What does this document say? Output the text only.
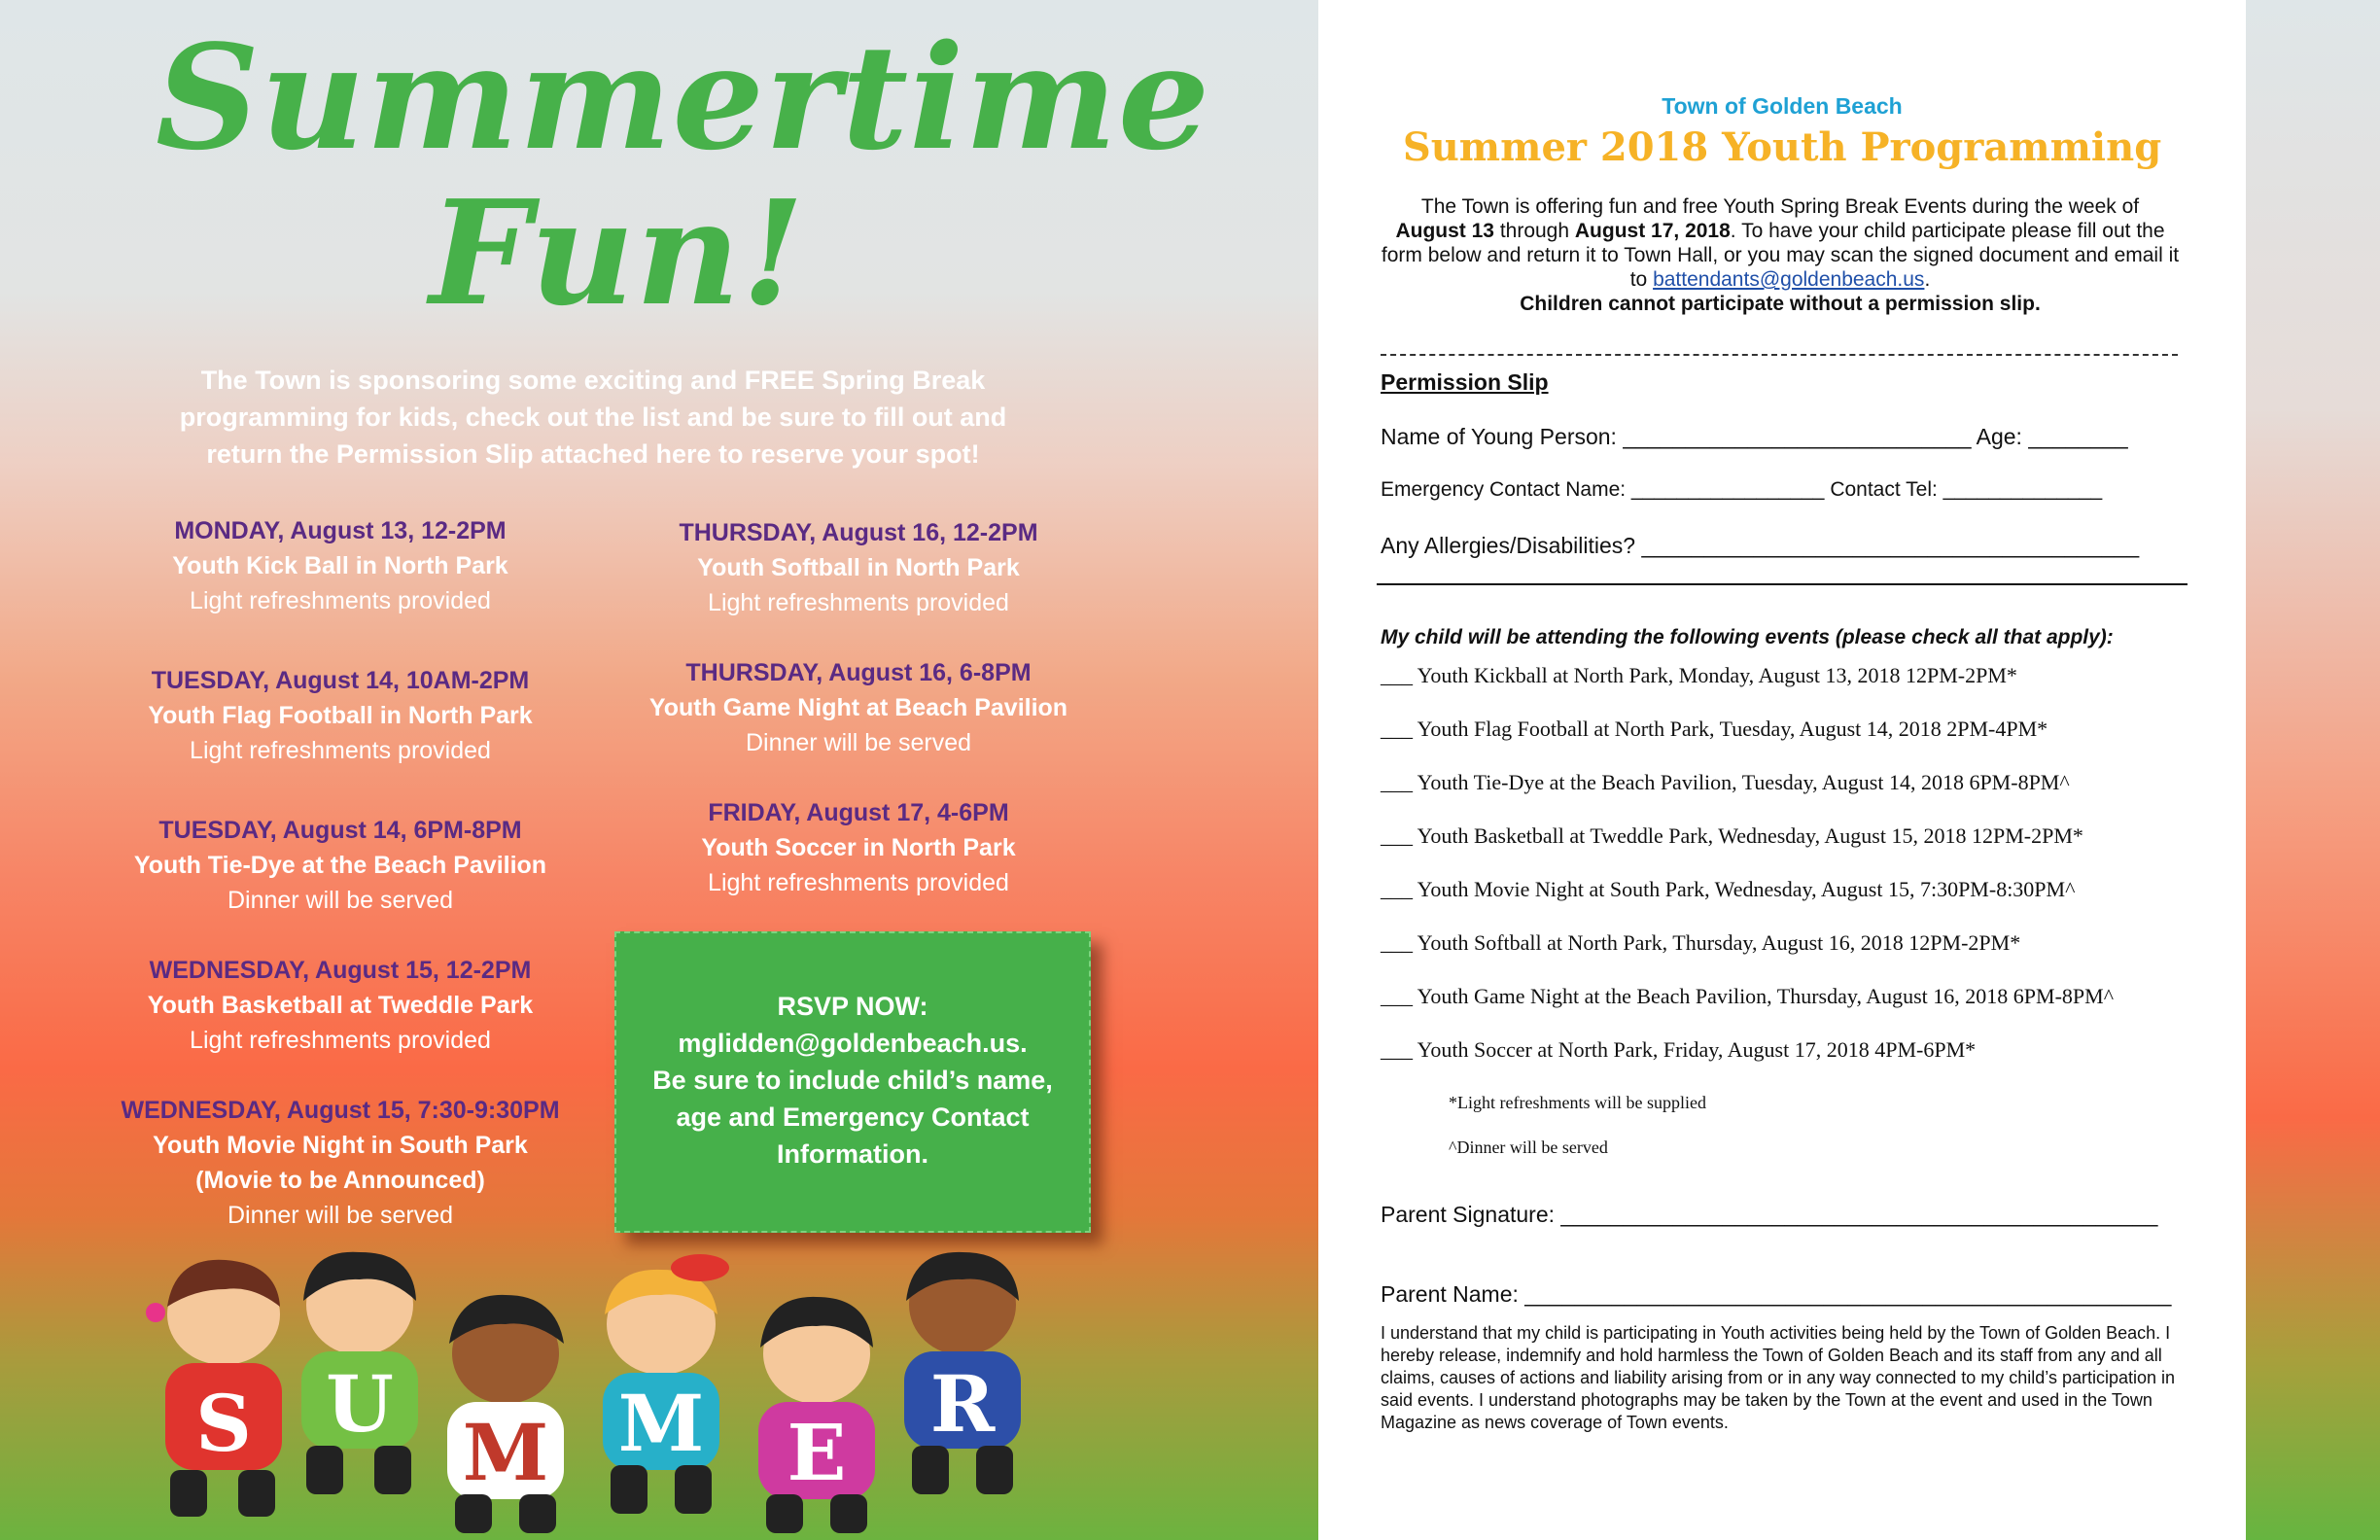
Summertime
Fun!
The Town is sponsoring some exciting and FREE Spring Break programming for kids, check out the list and be sure to fill out and return the Permission Slip attached here to reserve your spot!
MONDAY, August 13, 12-2PM
Youth Kick Ball in North Park
Light refreshments provided
TUESDAY, August 14, 10AM-2PM
Youth Flag Football in North Park
Light refreshments provided
TUESDAY, August 14, 6PM-8PM
Youth Tie-Dye at the Beach Pavilion
Dinner will be served
WEDNESDAY, August 15, 12-2PM
Youth Basketball at Tweddle Park
Light refreshments provided
WEDNESDAY, August 15, 7:30-9:30PM
Youth Movie Night in South Park
(Movie to be Announced)
Dinner will be served
THURSDAY, August 16, 12-2PM
Youth Softball in North Park
Light refreshments provided
THURSDAY, August 16, 6-8PM
Youth Game Night at Beach Pavilion
Dinner will be served
FRIDAY, August 17, 4-6PM
Youth Soccer in North Park
Light refreshments provided
RSVP NOW:
mglidden@goldenbeach.us.
Be sure to include child’s name,
age and Emergency Contact
Information.
S U
M M E
R
Town of Golden Beach
Summer 2018 Youth Programming
The Town is offering fun and free Youth Spring Break Events during the week of
August 13 through August 17, 2018. To have your child participate please fill out the form below and return it to Town Hall, or you may scan the signed document and email it to battendants@goldenbeach.us.
Children cannot participate without a permission slip.
Permission Slip
Name of Young Person: ____________________________ Age: ________
Emergency Contact Name: _________________ Contact Tel: ______________
Any Allergies/Disabilities? ________________________________________
My child will be attending the following events (please check all that apply):
___ Youth Kickball at North Park, Monday, August 13, 2018 12PM-2PM*
___ Youth Flag Football at North Park, Tuesday, August 14, 2018 2PM-4PM*
___ Youth Tie-Dye at the Beach Pavilion, Tuesday, August 14, 2018 6PM-8PM^
___ Youth Basketball at Tweddle Park, Wednesday, August 15, 2018 12PM-2PM*
___ Youth Movie Night at South Park, Wednesday, August 15, 7:30PM-8:30PM^
___ Youth Softball at North Park, Thursday, August 16, 2018 12PM-2PM*
___ Youth Game Night at the Beach Pavilion, Thursday, August 16, 2018 6PM-8PM^
___ Youth Soccer at North Park, Friday, August 17, 2018 4PM-6PM*
*Light refreshments will be supplied
^Dinner will be served
Parent Signature: ________________________________________________
Parent Name: ____________________________________________________
I understand that my child is participating in Youth activities being held by the Town of Golden Beach. I hereby release, indemnify and hold harmless the Town of Golden Beach and its staff from any and all claims, causes of actions and liability arising from or in any way connected to my child’s participation in said events. I understand photographs may be taken by the Town at the event and used in the Town Magazine as news coverage of Town events.
